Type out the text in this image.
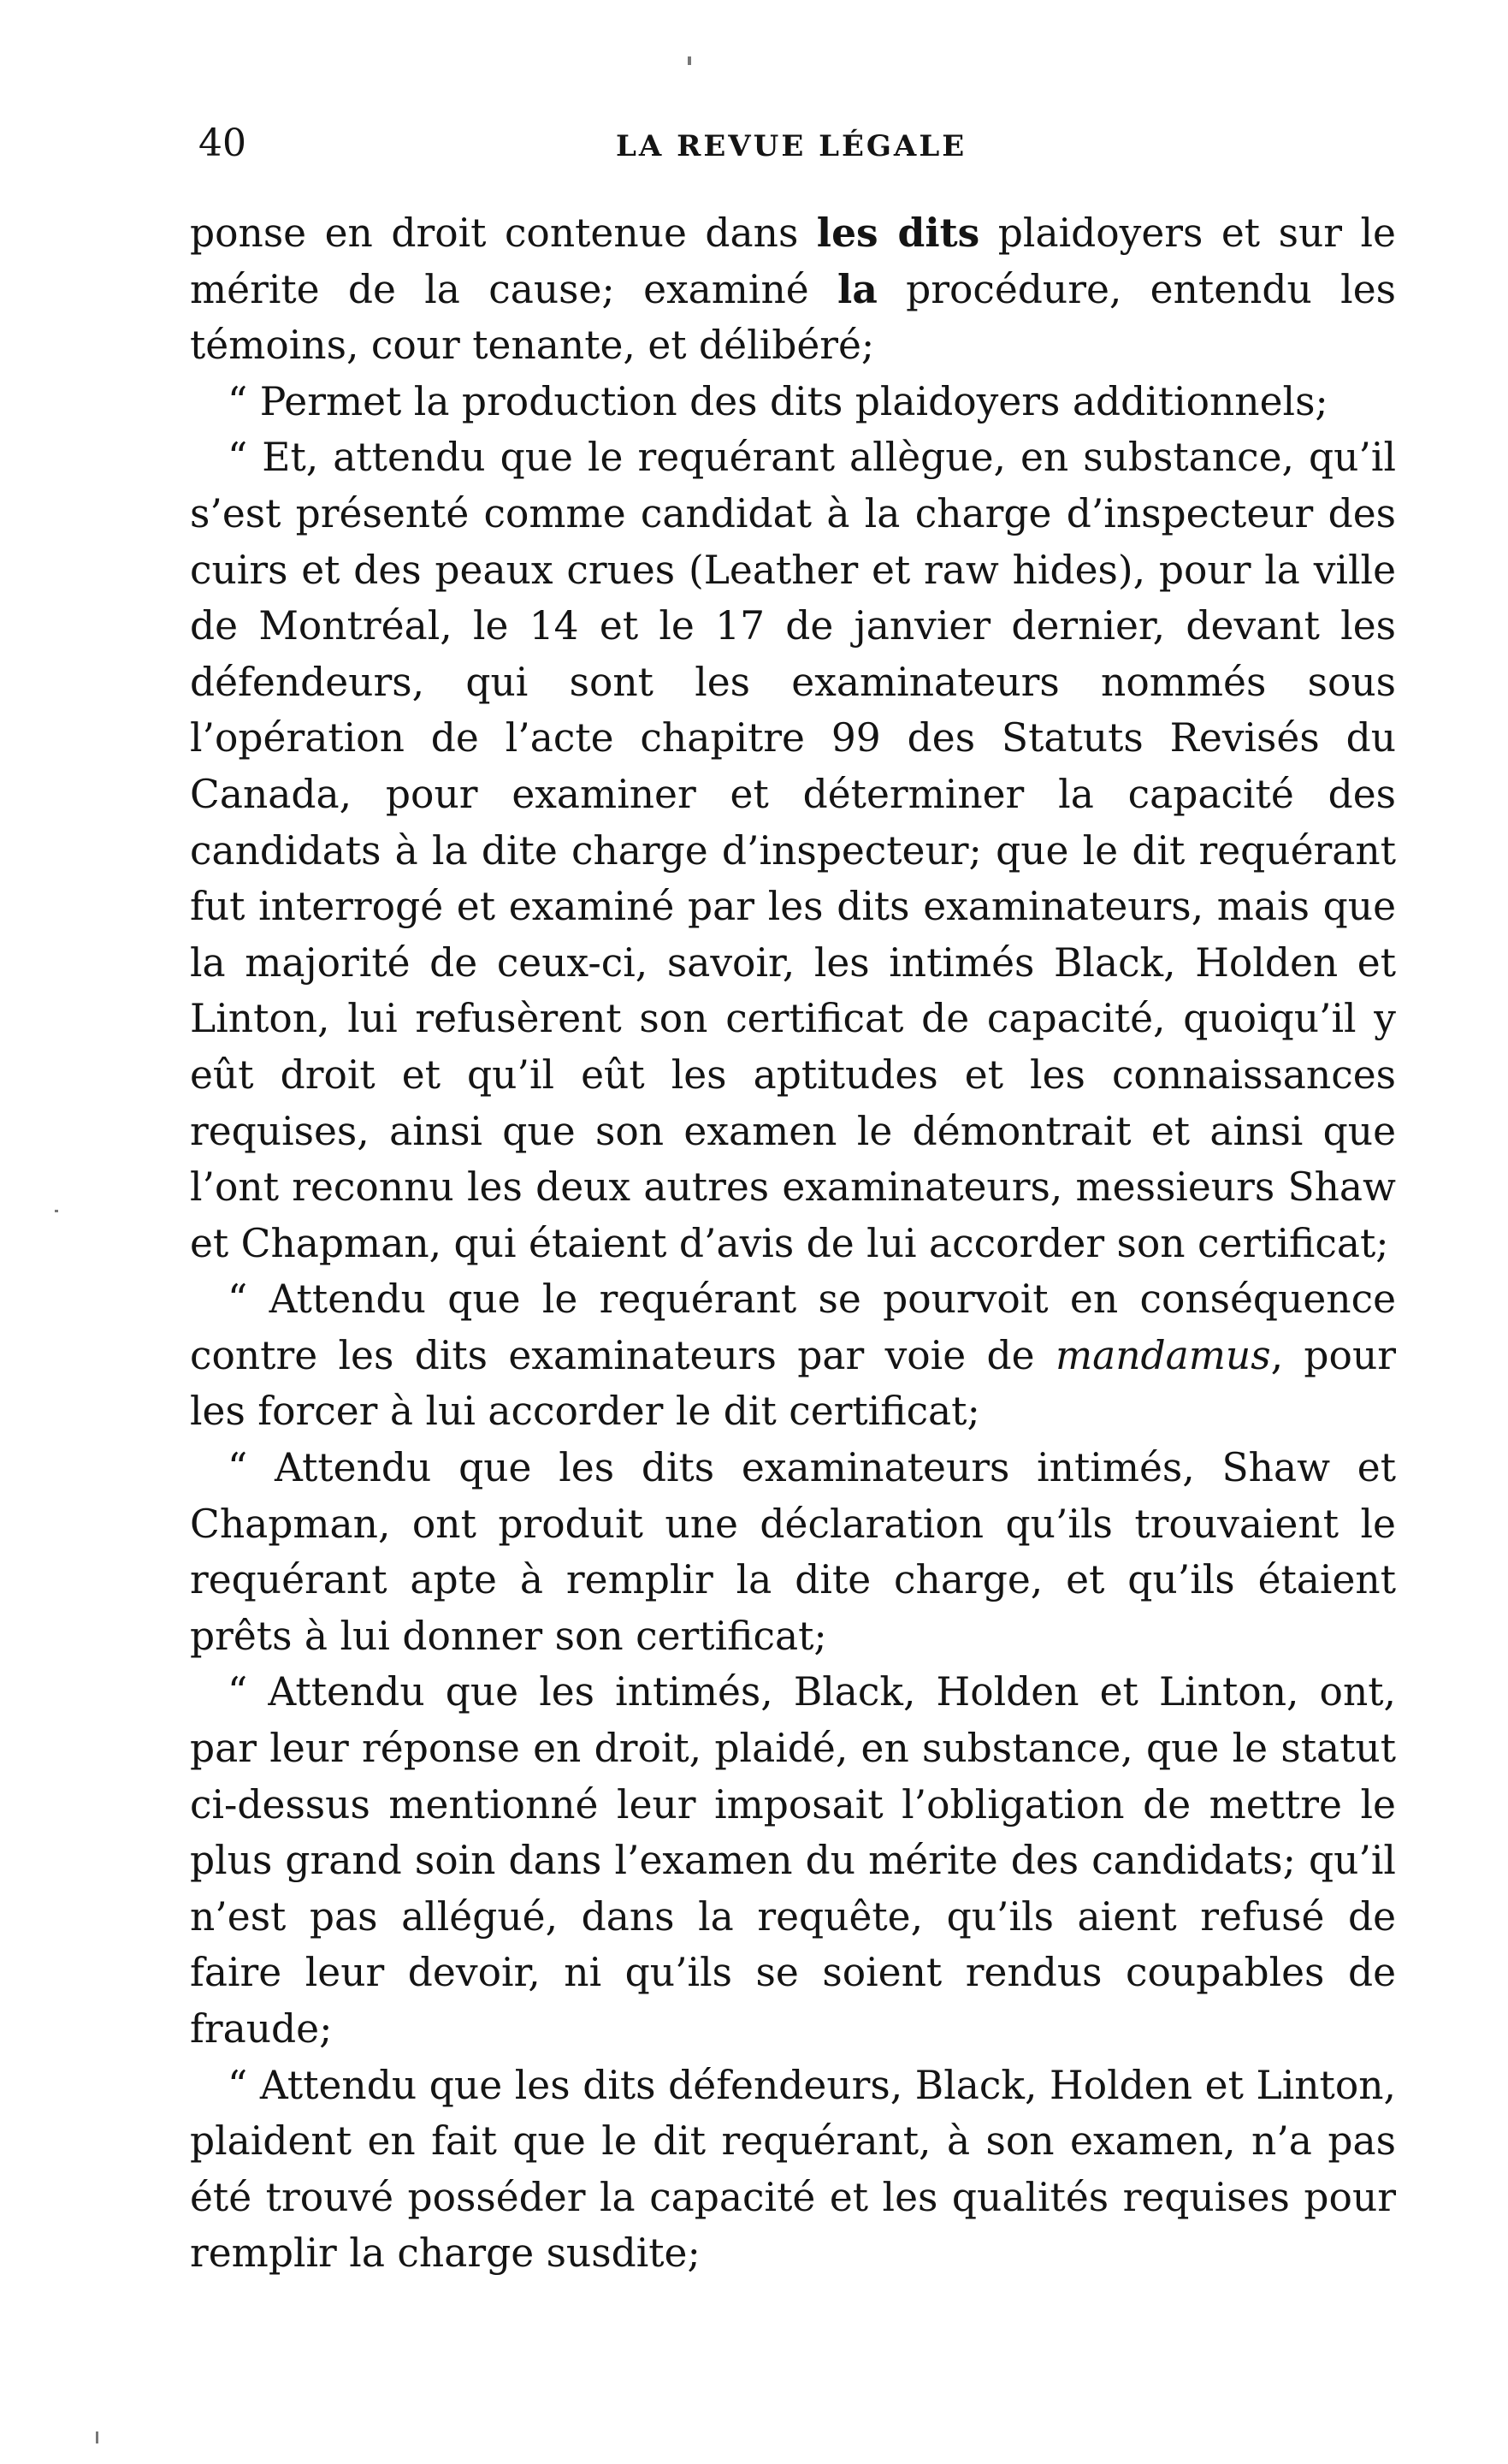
40	LA REVUE LÉGALE

ponse en droit contenue dans les dits plaidoyers et sur le mérite de la cause; examiné la procédure, entendu les témoins, cour tenante, et délibéré;

“ Permet la production des dits plaidoyers additionnels;

“ Et, attendu que le requérant allègue, en substance, qu’il s’est présenté comme candidat à la charge d’inspecteur des cuirs et des peaux crues (Leather et raw hides), pour la ville de Montréal, le 14 et le 17 de janvier dernier, devant les défendeurs, qui sont les examinateurs nommés sous l’opération de l’acte chapitre 99 des Statuts Revisés du Canada, pour examiner et déterminer la capacité des candidats à la dite charge d’inspecteur; que le dit requérant fut interrogé et examiné par les dits examinateurs, mais que la majorité de ceux-ci, savoir, les intimés Black, Holden et Linton, lui refusèrent son certificat de capacité, quoiqu’il y eût droit et qu’il eût les aptitudes et les connaissances requises, ainsi que son examen le démontrait et ainsi que l’ont reconnu les deux autres examinateurs, messieurs Shaw et Chapman, qui étaient d’avis de lui accorder son certificat;

“ Attendu que le requérant se pourvoit en conséquence contre les dits examinateurs par voie de mandamus, pour les forcer à lui accorder le dit certificat;

“ Attendu que les dits examinateurs intimés, Shaw et Chapman, ont produit une déclaration qu’ils trouvaient le requérant apte à remplir la dite charge, et qu’ils étaient prêts à lui donner son certificat;

“ Attendu que les intimés, Black, Holden et Linton, ont, par leur réponse en droit, plaidé, en substance, que le statut ci-dessus mentionné leur imposait l’obligation de mettre le plus grand soin dans l’examen du mérite des candidats; qu’il n’est pas allégué, dans la requête, qu’ils aient refusé de faire leur devoir, ni qu’ils se soient rendus coupables de fraude;

“ Attendu que les dits défendeurs, Black, Holden et Linton, plaident en fait que le dit requérant, à son examen, n’a pas été trouvé posséder la capacité et les qualités requises pour remplir la charge susdite;
